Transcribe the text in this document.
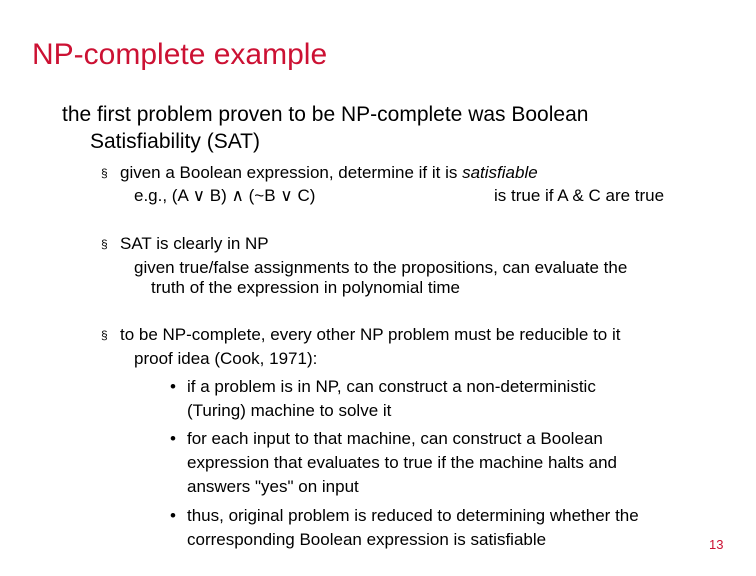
NP-complete example
the first problem proven to be NP-complete was Boolean
Satisfiability (SAT)
§ given a Boolean expression, determine if it is satisfiable
e.g., (A ∨ B) ∧ (~B ∨ C)	is true if A & C are true
§ SAT is clearly in NP
given true/false assignments to the propositions, can evaluate the
truth of the expression in polynomial time
§ to be NP-complete, every other NP problem must be reducible to it
proof idea (Cook, 1971):
• if a problem is in NP, can construct a non-deterministic
(Turing) machine to solve it
• for each input to that machine, can construct a Boolean
expression that evaluates to true if the machine halts and
answers "yes" on input
• thus, original problem is reduced to determining whether the
corresponding Boolean expression is satisfiable	13
